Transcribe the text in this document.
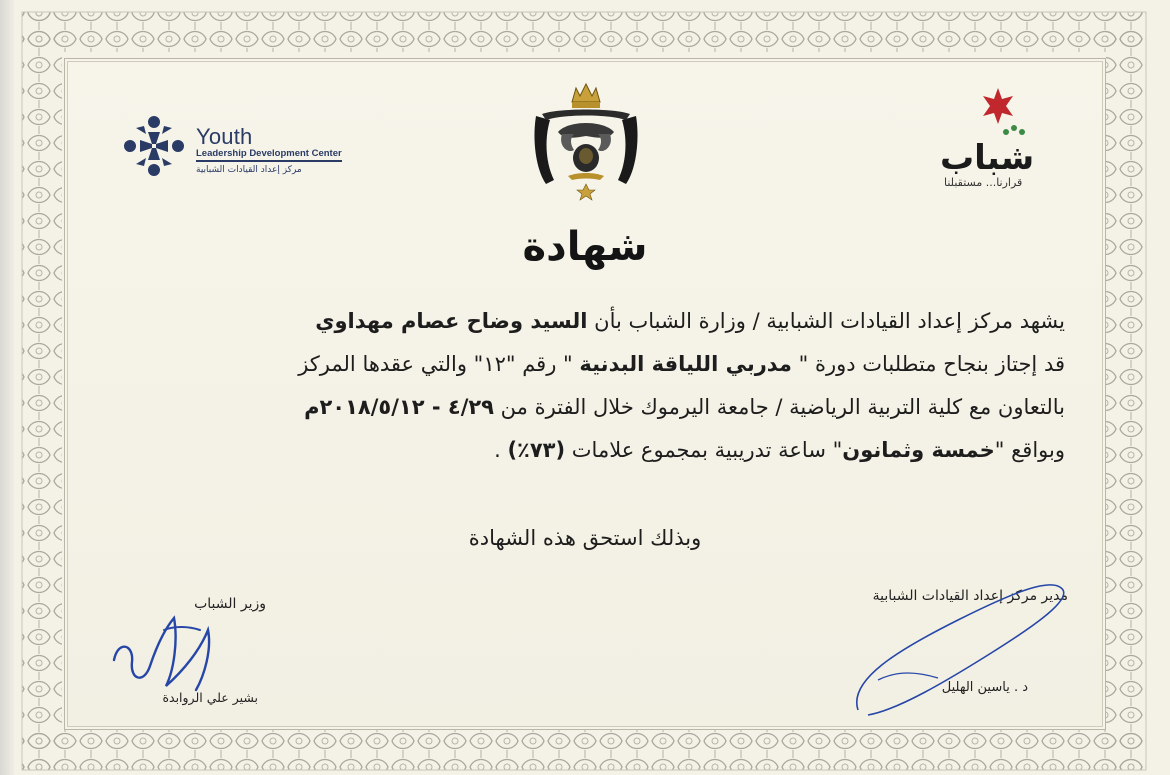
Youth
Leadership Development Center
مركز إعداد القيادات الشبابية	شباب
قرارنا... مستقبلنا
شهادة
يشهد مركز إعداد القيادات الشبابية / وزارة الشباب بأن السيد وضاح عصام مهداوي
قد إجتاز بنجاح متطلبات دورة " مدربي اللياقة البدنية " رقم "١٢" والتي عقدها المركز
بالتعاون مع كلية التربية الرياضية / جامعة اليرموك خلال الفترة من ٤/٢٩ - ٢٠١٨/٥/١٢م
وبواقع "خمسة وثمانون" ساعة تدريبية بمجموع علامات (٧٣٪) .
وبذلك استحق هذه الشهادة
مدير مركز إعداد القيادات الشبابية
د . ياسين الهليل
وزير الشباب
بشير علي الروابدة
